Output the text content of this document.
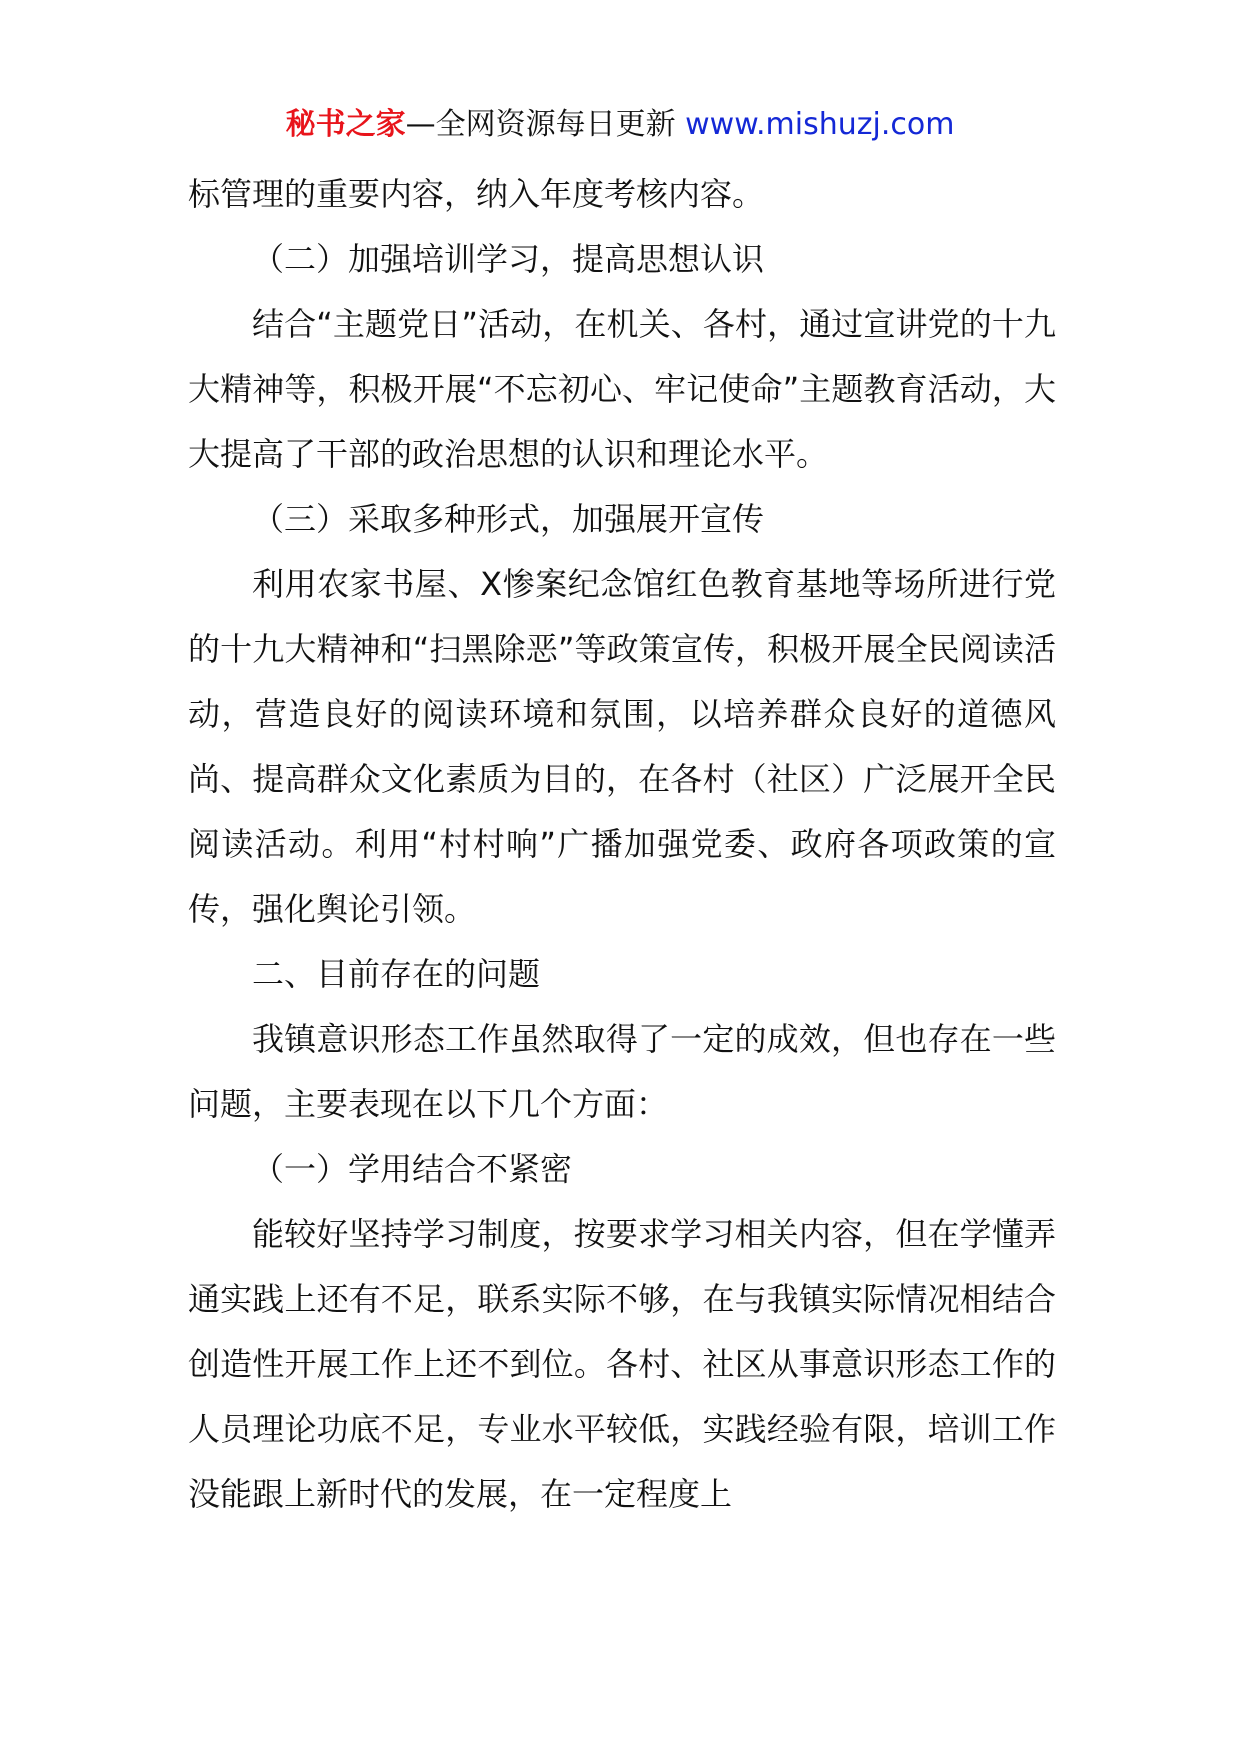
秘书之家—全网资源每日更新 www.mishuzj.com

标管理的重要内容，纳入年度考核内容。

（二）加强培训学习，提高思想认识

结合“主题党日”活动，在机关、各村，通过宣讲党的十九大精神等，积极开展“不忘初心、牢记使命”主题教育活动，大大提高了干部的政治思想的认识和理论水平。

（三）采取多种形式，加强展开宣传

利用农家书屋、X惨案纪念馆红色教育基地等场所进行党的十九大精神和“扫黑除恶”等政策宣传，积极开展全民阅读活动，营造良好的阅读环境和氛围，以培养群众良好的道德风尚、提高群众文化素质为目的，在各村（社区）广泛展开全民阅读活动。利用“村村响”广播加强党委、政府各项政策的宣传，强化舆论引领。

二、目前存在的问题

我镇意识形态工作虽然取得了一定的成效，但也存在一些问题，主要表现在以下几个方面：

（一）学用结合不紧密

能较好坚持学习制度，按要求学习相关内容，但在学懂弄通实践上还有不足，联系实际不够，在与我镇实际情况相结合创造性开展工作上还不到位。各村、社区从事意识形态工作的人员理论功底不足，专业水平较低，实践经验有限，培训工作没能跟上新时代的发展，在一定程度上
